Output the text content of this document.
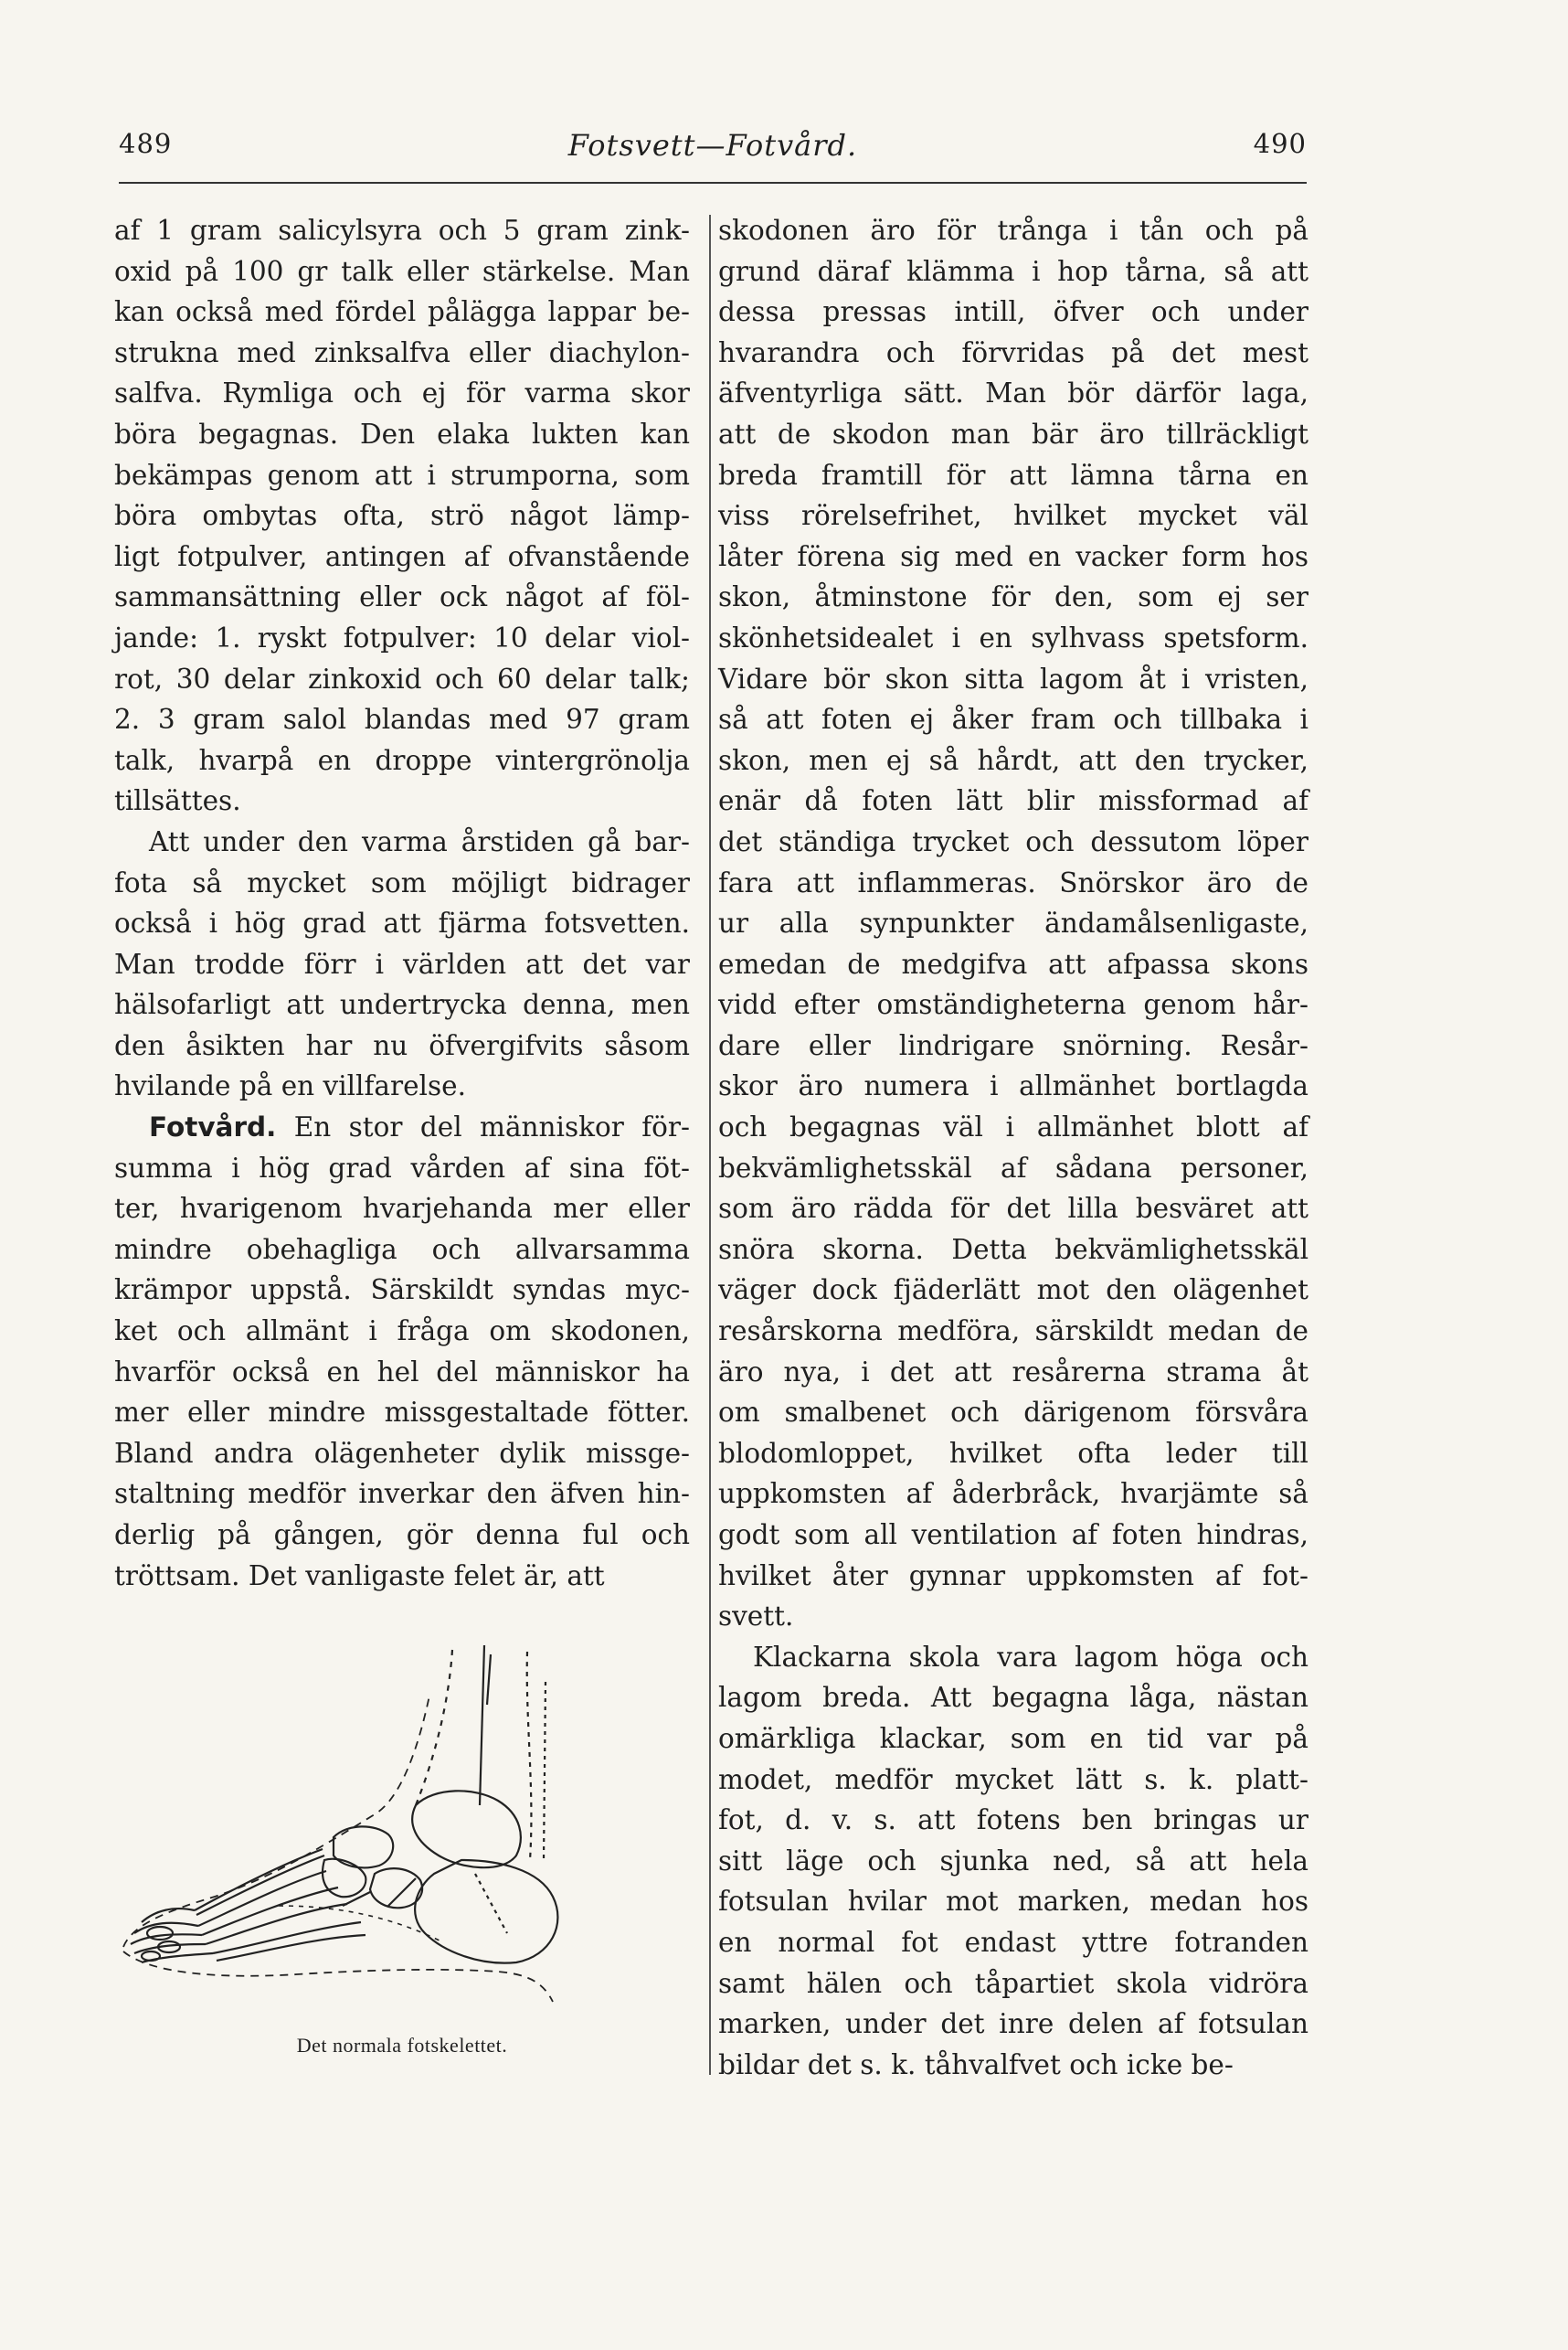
489	Fotsvett—Fotvård.	490
af 1 gram salicylsyra och 5 gram zink-
oxid på 100 gr talk eller stärkelse. Man
kan också med fördel pålägga lappar be-
strukna med zinksalfva eller diachylon-
salfva. Rymliga och ej för varma skor
böra begagnas. Den elaka lukten kan
bekämpas genom att i strumporna, som
böra ombytas ofta, strö något lämp-
ligt fotpulver, antingen af ofvanstående
sammansättning eller ock något af föl-
jande: 1. ryskt fotpulver: 10 delar viol-
rot, 30 delar zinkoxid och 60 delar talk;
2. 3 gram salol blandas med 97 gram
talk, hvarpå en droppe vintergrönolja
tillsättes.
Att under den varma årstiden gå bar-
fota så mycket som möjligt bidrager
också i hög grad att fjärma fotsvetten.
Man trodde förr i världen att det var
hälsofarligt att undertrycka denna, men
den åsikten har nu öfvergifvits såsom
hvilande på en villfarelse.
Fotvård. En stor del människor för-
summa i hög grad vården af sina föt-
ter, hvarigenom hvarjehanda mer eller
mindre obehagliga och allvarsamma
krämpor uppstå. Särskildt syndas myc-
ket och allmänt i fråga om skodonen,
hvarför också en hel del människor ha
mer eller mindre missgestaltade fötter.
Bland andra olägenheter dylik missge-
staltning medför inverkar den äfven hin-
derlig på gången, gör denna ful och
tröttsam. Det vanligaste felet är, att
Det normala fotskelettet.
skodonen äro för trånga i tån och på
grund däraf klämma i hop tårna, så att
dessa pressas intill, öfver och under
hvarandra och förvridas på det mest
äfventyrliga sätt. Man bör därför laga,
att de skodon man bär äro tillräckligt
breda framtill för att lämna tårna en
viss rörelsefrihet, hvilket mycket väl
låter förena sig med en vacker form hos
skon, åtminstone för den, som ej ser
skönhetsidealet i en sylhvass spetsform.
Vidare bör skon sitta lagom åt i vristen,
så att foten ej åker fram och tillbaka i
skon, men ej så hårdt, att den trycker,
enär då foten lätt blir missformad af
det ständiga trycket och dessutom löper
fara att inflammeras. Snörskor äro de
ur alla synpunkter ändamålsenligaste,
emedan de medgifva att afpassa skons
vidd efter omständigheterna genom hår-
dare eller lindrigare snörning. Resår-
skor äro numera i allmänhet bortlagda
och begagnas väl i allmänhet blott af
bekvämlighetsskäl af sådana personer,
som äro rädda för det lilla besväret att
snöra skorna. Detta bekvämlighetsskäl
väger dock fjäderlätt mot den olägenhet
resårskorna medföra, särskildt medan de
äro nya, i det att resårerna strama åt
om smalbenet och därigenom försvåra
blodomloppet, hvilket ofta leder till
uppkomsten af åderbråck, hvarjämte så
godt som all ventilation af foten hindras,
hvilket åter gynnar uppkomsten af fot-
svett.
Klackarna skola vara lagom höga och
lagom breda. Att begagna låga, nästan
omärkliga klackar, som en tid var på
modet, medför mycket lätt s. k. platt-
fot, d. v. s. att fotens ben bringas ur
sitt läge och sjunka ned, så att hela
fotsulan hvilar mot marken, medan hos
en normal fot endast yttre fotranden
samt hälen och tåpartiet skola vidröra
marken, under det inre delen af fotsulan
bildar det s. k. tåhvalfvet och icke be-
